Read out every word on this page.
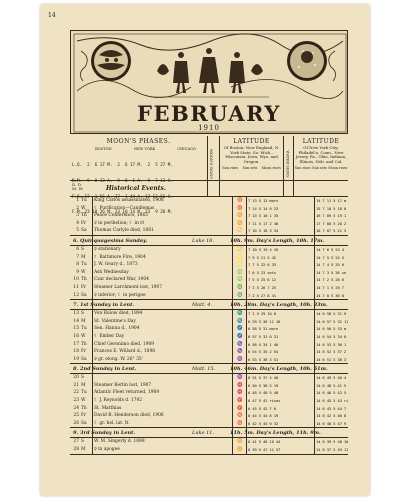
14
FEBRUARY
1910
MOON'S PHASES.
BOSTON	NEW YORK	CHICAGO

L.Q.  2  6 17 M.  2  6 17 M.  2  5 27 M.

N.M.  9  8 13 A.  9  8  1 A.  9  7 13 A.

F.Q. 17  1 56 A. 17  1 44 A. 17 12 56 A.

F.M. 23 10 26 M. 23 10 14 M. 23  9 26 M.

MOON'S SIGNS
LATITUDE
Of Boston; New England, N. York State, So. Mich., Wisconsin, Iowa, Wyo. and Oregon.
Sun rises Sun sets Moon rises WATER SIGNS
LATITUDE
Of New York City; Philadel'a, Conn., New Jersey, Pa., Ohio, Indiana, Illinois, Neb. and Cal.
Sun rises Sun sets Moon rises
D. D.
M. W.	Historical Events.
1 Tu	King Carlos assassinated, 1908	♉	7 13 5 13 morn	14 7 11 5 17 m
2 W	☾ Purification—Candlemas	♉	7 14 5 14 0 23	15 7 10 5 18 0
3 Th	Peace Conference, 1865	♊	7 13 5 16 1 35	16 7 09 5 19 1
4 Fr	☿ in perihelion; ☾ in ☊	♊	7 11 5 17 2 36	17 7 08 5 20 2
5 Sa	Thomas Carlyle died, 1881	♋	7 10 5 18 3 34	18 7 07 5 21 3
6. Quinquagesima Sunday.	Luke 18.	10h. 9m. Day's Length, 10h. 17m.
6 S	☿ stationary	♋	7 10 5 19 4 45	14 7 6 5 23 4
7 M	☾ Baltimore Fire, 1904	♌	7 9 5 21 5 42	14 7 5 5 24 5
8 Tu	J. W. Geary d., 1873	♌	7 7 5 22 6 33	14 7 4 5 25 6
9 W	Ash Wednesday	♍	7 6 5 23 sets	14 7 3 5 26 se
10 Th	Czar declared War, 1904	♍	7 5 5 25 6 12	14 7 2 5 28 6
11 Fr	Steamer Larchmont lost, 1907	♎	7 3 5 26 7 25	14 7 1 5 29 7
12 Sa	☿ inferior; ☾ in perigee	♎	7 2 5 27 8 41	14 7 0 5 30 8
7. 1st Sunday in Lent.	Matt. 4.	10h. 28m. Day's Length, 10h. 33m.
13 S	Von Bulow died, 1894	♏	7 1 5 29 10 0	14 6 58 5 31 9
14 M	St. Valentine's Day	♏	6 59 5 30 11 16	14 6 57 5 32 11
15 Tu	Sen. Hanna d., 1904	♐	6 58 5 31 morn	14 6 56 5 33 m
16 W	☾ Ember Day	♐	6 57 5 32 0 31	14 6 54 5 34 0
17 Th	Chief Geronimo died, 1909	♑	6 56 5 34 1 46	14 6 53 5 36 1
18 Fr	Frances E. Willard d., 1898	♑	6 54 5 35 2 54	14 6 52 5 37 2
19 Sa	☿ gr. elong. W. 26° 35'	♒	6 53 5 36 3 51	14 6 51 5 38 3
8. 2nd Sunday in Lent.	Matt. 15.	10h. 46m. Day's Length, 10h. 51m.
20 S	♒	6 51 5 37 4 40	14 6 49 5 40 4
21 M	Steamer Berlin lost, 1907	♓	6 50 5 38 5 19	14 6 48 5 41 5
22 Tu	Atlantic Fleet returned, 1909	♓	6 48 5 40 5 48	14 6 46 5 42 5
23 W	☾ J. Reynolds d. 1792	♈	6 47 5 41 rises	14 6 45 5 43 ri
24 Th	St. Matthias	♈	6 45 5 42 7 6	14 6 43 5 44 7
25 Fr	David B. Henderson died, 1906	♉	6 44 5 44 8 19	14 6 42 5 46 8
26 Sa	☾ gr. hel. lat. N.	♉	6 42 5 45 9 32	14 6 40 5 47 9
9. 3rd Sunday in Lent.	Luke 11.	11h. 5m. Day's Length, 11h. 9m.
27 S	W. M. Singerly d. 1898	♊	6 41 5 46 10 44	14 6 39 5 48 10
28 M	☿ in apogee	♊	6 39 5 47 11 57	14 6 37 5 49 11
